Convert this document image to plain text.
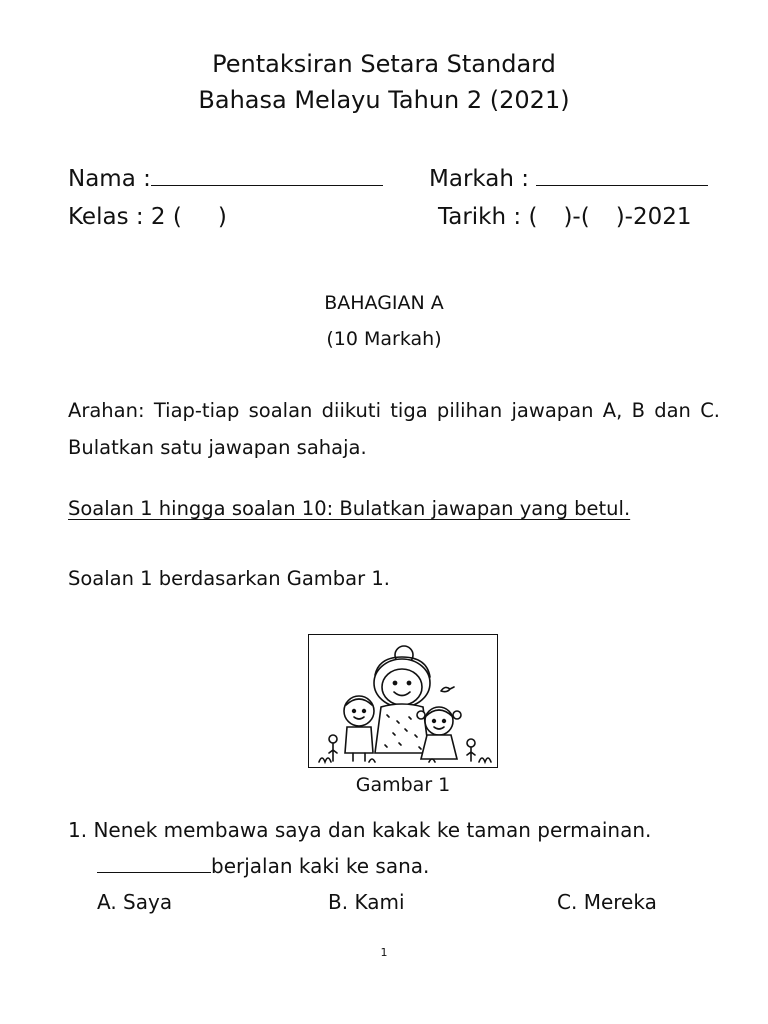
Pentaksiran Setara Standard
Bahasa Melayu Tahun 2 (2021)
Nama :	Markah :
Kelas : 2 ( )	Tarikh : ( )-( )-2021
BAHAGIAN A
(10 Markah)
Arahan: Tiap-tiap soalan diikuti tiga pilihan jawapan A, B dan C. Bulatkan satu jawapan sahaja.
Soalan 1 hingga soalan 10: Bulatkan jawapan yang betul.
Soalan 1 berdasarkan Gambar 1.
Gambar 1
1. Nenek membawa saya dan kakak ke taman permainan.
berjalan kaki ke sana.
A. Saya	B. Kami	C. Mereka
1
